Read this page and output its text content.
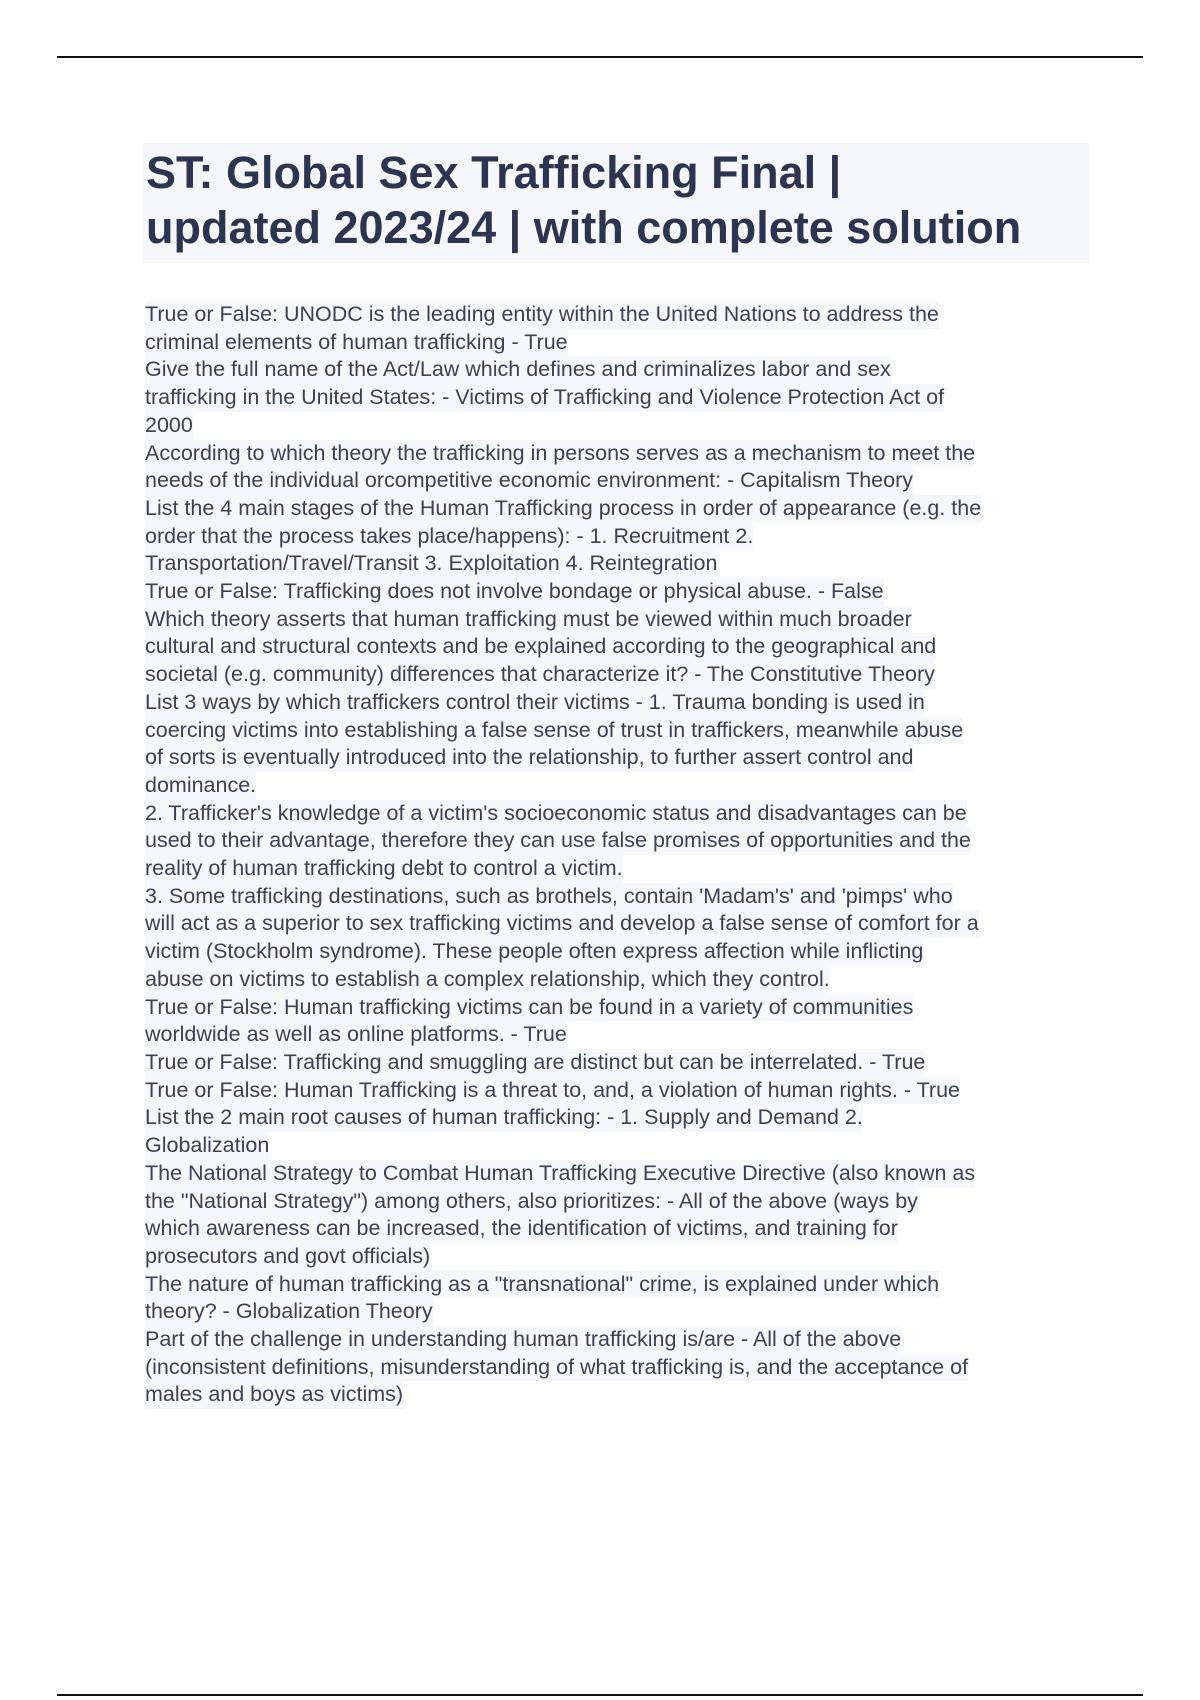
ST: Global Sex Trafficking Final |
updated 2023/24 | with complete solution
True or False: UNODC is the leading entity within the United Nations to address the
criminal elements of human trafficking - True
Give the full name of the Act/Law which defines and criminalizes labor and sex
trafficking in the United States: - Victims of Trafficking and Violence Protection Act of
2000
According to which theory the trafficking in persons serves as a mechanism to meet the
needs of the individual orcompetitive economic environment: - Capitalism Theory
List the 4 main stages of the Human Trafficking process in order of appearance (e.g. the
order that the process takes place/happens): - 1. Recruitment 2.
Transportation/Travel/Transit 3. Exploitation 4. Reintegration
True or False: Trafficking does not involve bondage or physical abuse. - False
Which theory asserts that human trafficking must be viewed within much broader
cultural and structural contexts and be explained according to the geographical and
societal (e.g. community) differences that characterize it? - The Constitutive Theory
List 3 ways by which traffickers control their victims - 1. Trauma bonding is used in
coercing victims into establishing a false sense of trust in traffickers, meanwhile abuse
of sorts is eventually introduced into the relationship, to further assert control and
dominance.
2. Trafficker's knowledge of a victim's socioeconomic status and disadvantages can be
used to their advantage, therefore they can use false promises of opportunities and the
reality of human trafficking debt to control a victim.
3. Some trafficking destinations, such as brothels, contain 'Madam's' and 'pimps' who
will act as a superior to sex trafficking victims and develop a false sense of comfort for a
victim (Stockholm syndrome). These people often express affection while inflicting
abuse on victims to establish a complex relationship, which they control.
True or False: Human trafficking victims can be found in a variety of communities
worldwide as well as online platforms. - True
True or False: Trafficking and smuggling are distinct but can be interrelated. - True
True or False: Human Trafficking is a threat to, and, a violation of human rights. - True
List the 2 main root causes of human trafficking: - 1. Supply and Demand 2.
Globalization
The National Strategy to Combat Human Trafficking Executive Directive (also known as
the "National Strategy") among others, also prioritizes: - All of the above (ways by
which awareness can be increased, the identification of victims, and training for
prosecutors and govt officials)
The nature of human trafficking as a "transnational" crime, is explained under which
theory? - Globalization Theory
Part of the challenge in understanding human trafficking is/are - All of the above
(inconsistent definitions, misunderstanding of what trafficking is, and the acceptance of
males and boys as victims)
